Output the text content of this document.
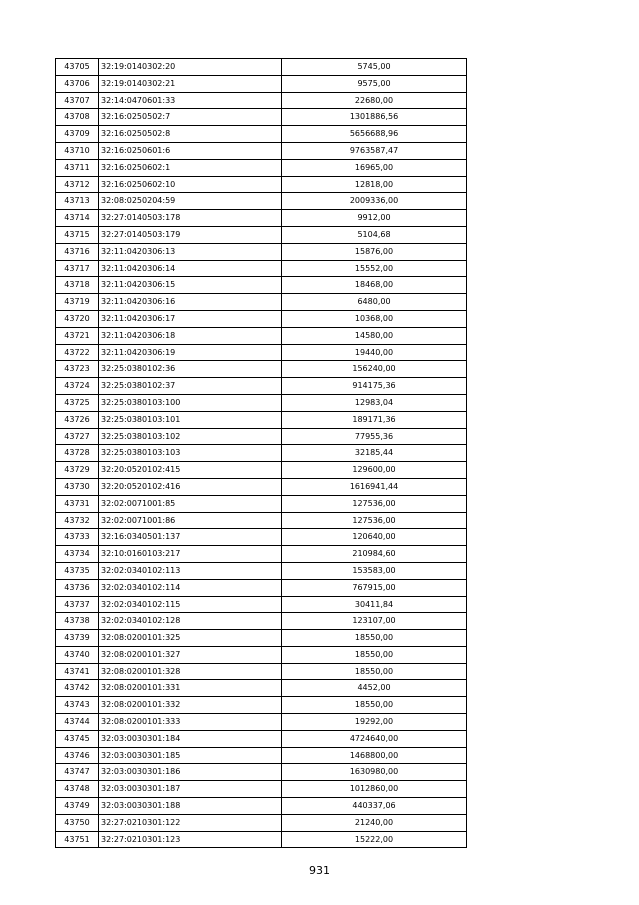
43705	32:19:0140302:20	5745,00
43706	32:19:0140302:21	9575,00
43707	32:14:0470601:33	22680,00
43708	32:16:0250502:7	1301886,56
43709	32:16:0250502:8	5656688,96
43710	32:16:0250601:6	9763587,47
43711	32:16:0250602:1	16965,00
43712	32:16:0250602:10	12818,00
43713	32:08:0250204:59	2009336,00
43714	32:27:0140503:178	9912,00
43715	32:27:0140503:179	5104,68
43716	32:11:0420306:13	15876,00
43717	32:11:0420306:14	15552,00
43718	32:11:0420306:15	18468,00
43719	32:11:0420306:16	6480,00
43720	32:11:0420306:17	10368,00
43721	32:11:0420306:18	14580,00
43722	32:11:0420306:19	19440,00
43723	32:25:0380102:36	156240,00
43724	32:25:0380102:37	914175,36
43725	32:25:0380103:100	12983,04
43726	32:25:0380103:101	189171,36
43727	32:25:0380103:102	77955,36
43728	32:25:0380103:103	32185,44
43729	32:20:0520102:415	129600,00
43730	32:20:0520102:416	1616941,44
43731	32:02:0071001:85	127536,00
43732	32:02:0071001:86	127536,00
43733	32:16:0340501:137	120640,00
43734	32:10:0160103:217	210984,60
43735	32:02:0340102:113	153583,00
43736	32:02:0340102:114	767915,00
43737	32:02:0340102:115	30411,84
43738	32:02:0340102:128	123107,00
43739	32:08:0200101:325	18550,00
43740	32:08:0200101:327	18550,00
43741	32:08:0200101:328	18550,00
43742	32:08:0200101:331	4452,00
43743	32:08:0200101:332	18550,00
43744	32:08:0200101:333	19292,00
43745	32:03:0030301:184	4724640,00
43746	32:03:0030301:185	1468800,00
43747	32:03:0030301:186	1630980,00
43748	32:03:0030301:187	1012860,00
43749	32:03:0030301:188	440337,06
43750	32:27:0210301:122	21240,00
43751	32:27:0210301:123	15222,00
931
